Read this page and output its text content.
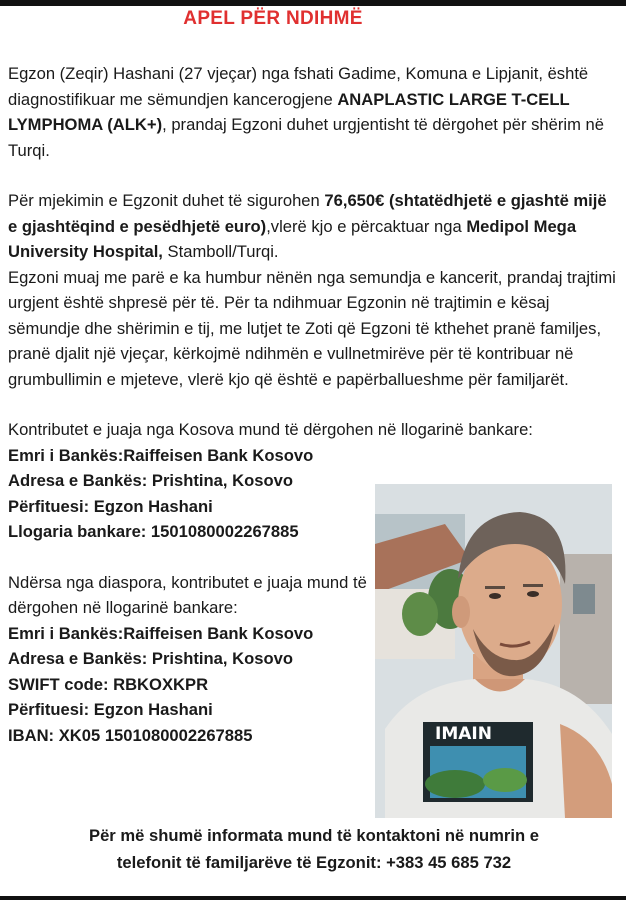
APEL PËR NDIHMË

Egzon (Zeqir) Hashani (27 vjeçar) nga fshati Gadime, Komuna e Lipjanit, është diagnostifikuar me sëmundjen kancerogjene ANAPLASTIC LARGE T-CELL LYMPHOMA (ALK+), prandaj Egzoni duhet urgjentisht të dërgohet për shërim në Turqi.

Për mjekimin e Egzonit duhet të sigurohen 76,650€ (shtatëdhjetë e gjashtë mijë e gjashtëqind e pesëdhjetë euro),vlerë kjo e përcaktuar nga Medipol Mega University Hospital, Stamboll/Turqi.

Egzoni muaj me parë e ka humbur nënën nga semundja e kancerit, prandaj trajtimi urgjent është shpresë për të. Për ta ndihmuar Egzonin në trajtimin e kësaj sëmundje dhe shërimin e tij, me lutjet te Zoti që Egzoni të kthehet pranë familjes, pranë djalit një vjeçar, kërkojmë ndihmën e vullnetmirëve për të kontribuar në grumbullimin e mjeteve, vlerë kjo që është e papërballueshme për familjarët.

Kontributet e juaja nga Kosova mund të dërgohen në llogarinë bankare:

Emri i Bankës:Raiffeisen Bank Kosovo
Adresa e Bankës: Prishtina, Kosovo
Përfituesi: Egzon Hashani
Llogaria bankare: 1501080002267885

Ndërsa nga diaspora, kontributet e juaja mund të dërgohen në llogarinë bankare:

Emri i Bankës:Raiffeisen Bank Kosovo
Adresa e Bankës: Prishtina, Kosovo
SWIFT code: RBKOXKPR
Përfituesi: Egzon Hashani
IBAN: XK05 1501080002267885	IMAIN
Për më shumë informata mund të kontaktoni në numrin e
telefonit të familjarëve të Egzonit: +383 45 685 732
